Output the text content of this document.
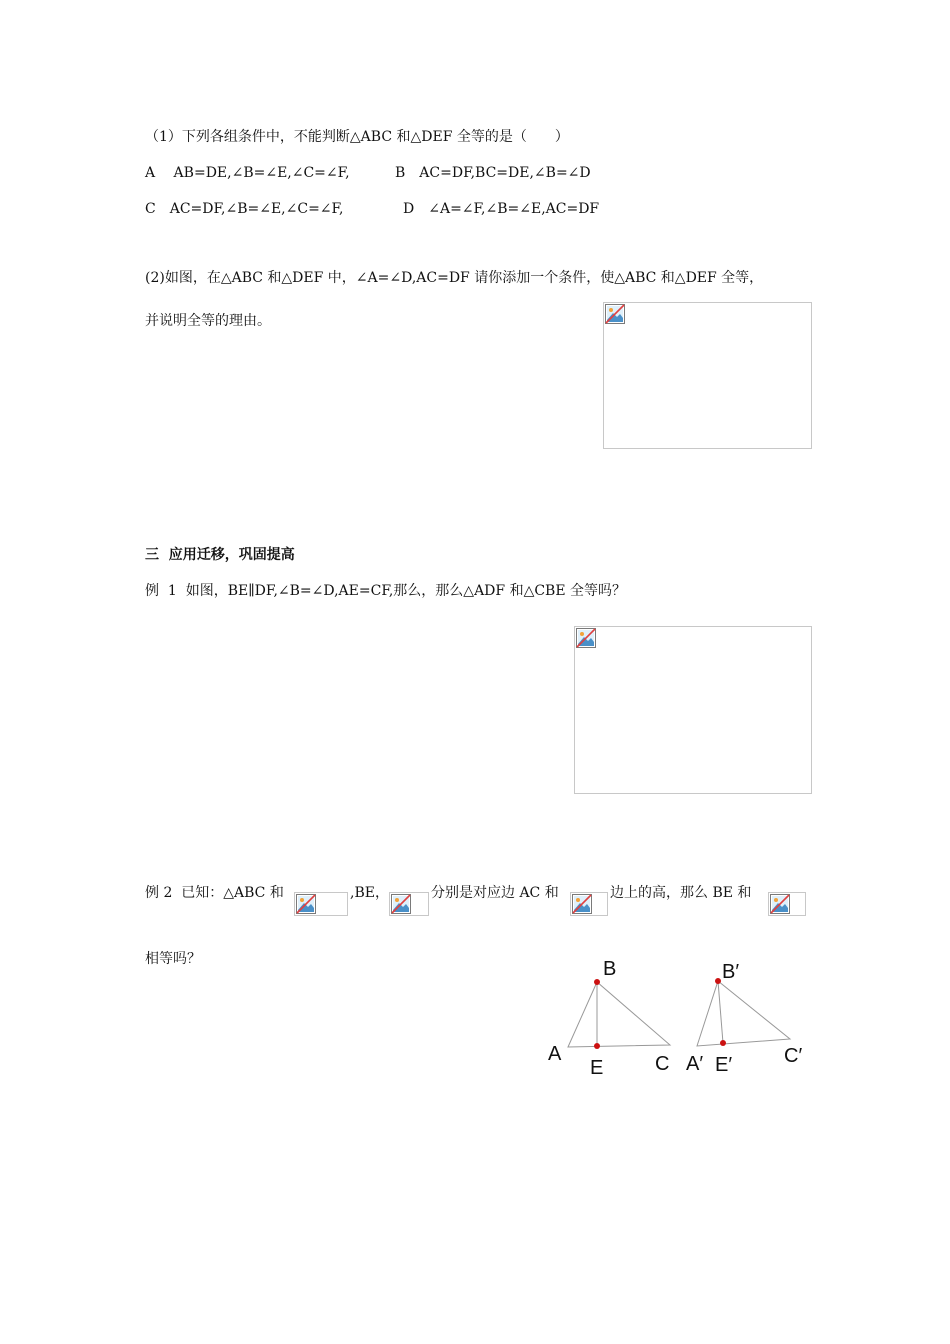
（1）下列各组条件中，不能判断△ABC 和△DEF 全等的是（　　）
A　 AB=DE,∠B=∠E,∠C=∠F,	B　AC=DF,BC=DE,∠B=∠D
C　AC=DF,∠B=∠E,∠C=∠F,	D　∠A=∠F,∠B=∠E,AC=DF
(2)如图，在△ABC 和△DEF 中，∠A=∠D,AC=DF 请你添加一个条件，使△ABC 和△DEF 全等，
并说明全等的理由。
三  应用迁移，巩固提高
例  1  如图，BE∥DF,∠B=∠D,AE=CF,那么，那么△ADF 和△CBE 全等吗？
例 2  已知：△ABC 和	,BE，	分别是对应边 AC 和	边上的高，那么 BE 和
相等吗？	B
A
E	C
B′
A′ E′	C′
